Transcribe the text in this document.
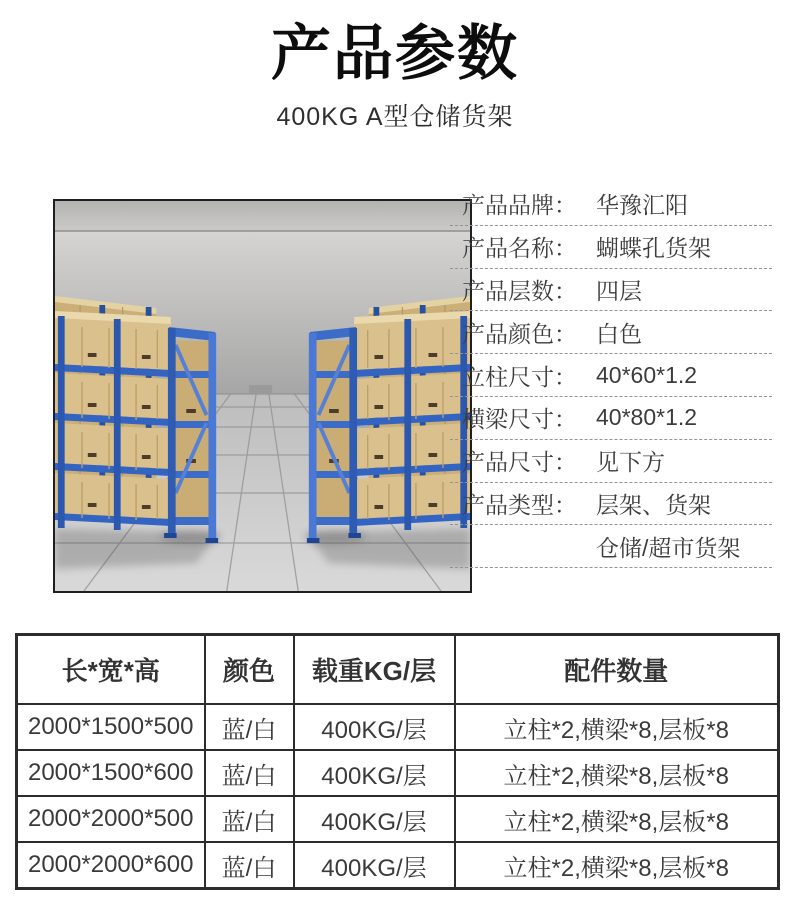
产品参数
400KG A型仓储货架
产品品牌： 华豫汇阳
产品名称： 蝴蝶孔货架
产品层数： 四层
产品颜色： 白色
立柱尺寸： 40*60*1.2
横梁尺寸： 40*80*1.2
产品尺寸： 见下方
产品类型： 层架、货架
仓储/超市货架
长*宽*高	颜色	载重KG/层	配件数量
2000*1500*500	蓝/白	400KG/层	立柱*2,横梁*8,层板*8
2000*1500*600	蓝/白	400KG/层	立柱*2,横梁*8,层板*8
2000*2000*500	蓝/白	400KG/层	立柱*2,横梁*8,层板*8
2000*2000*600	蓝/白	400KG/层	立柱*2,横梁*8,层板*8
